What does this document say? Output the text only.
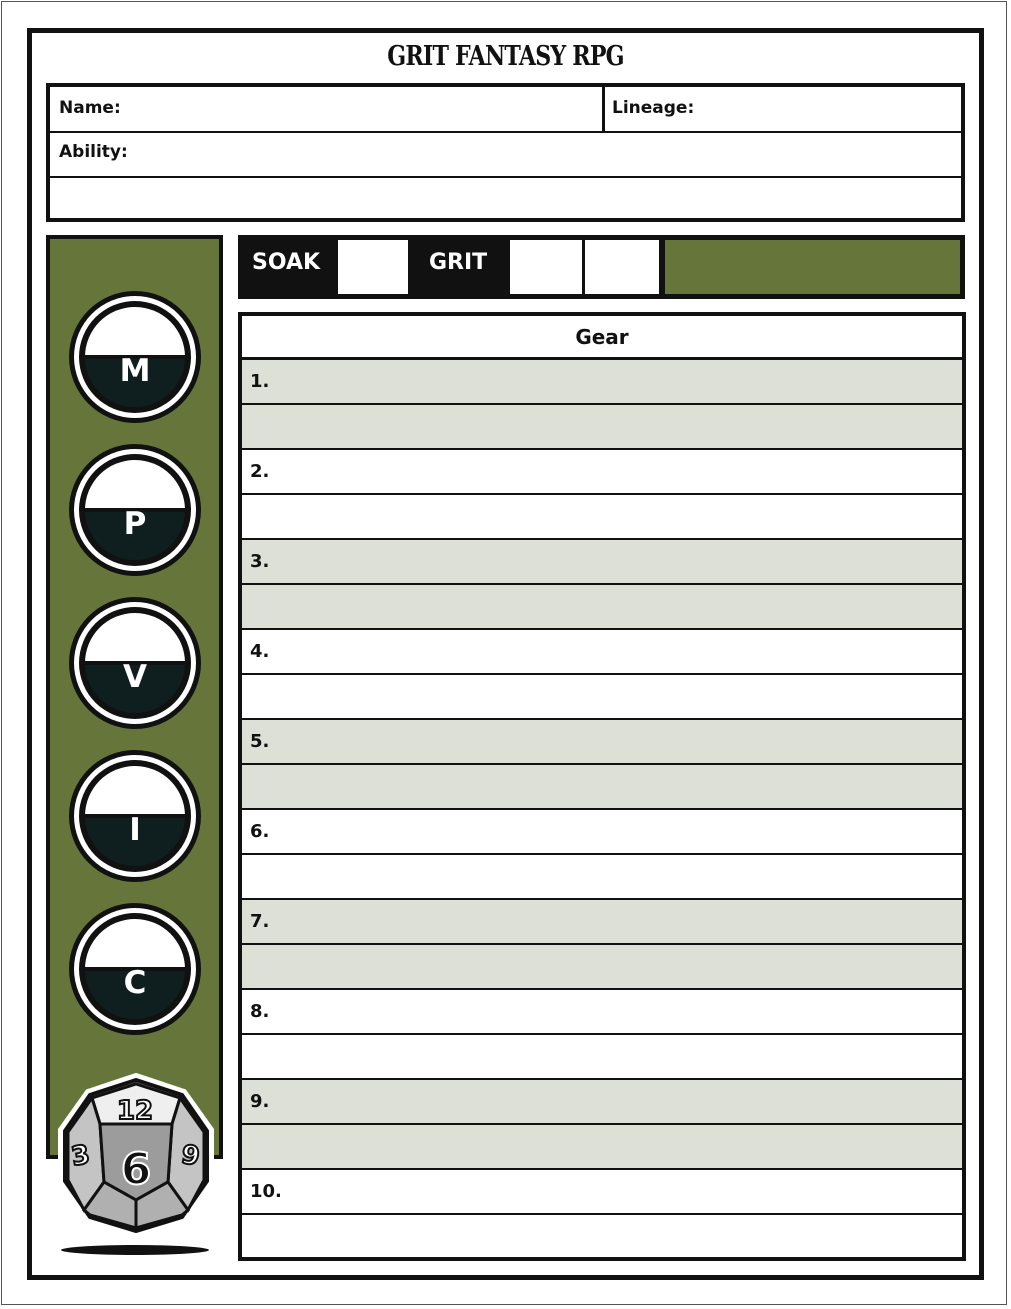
GRIT FANTASY RPG
Name:	Lineage:
Ability:
M
P
V
I
C
12
3	9
6
SOAK	GRIT
Gear
1.
2.
3.
4.
5.
6.
7.
8.
9.
10.
